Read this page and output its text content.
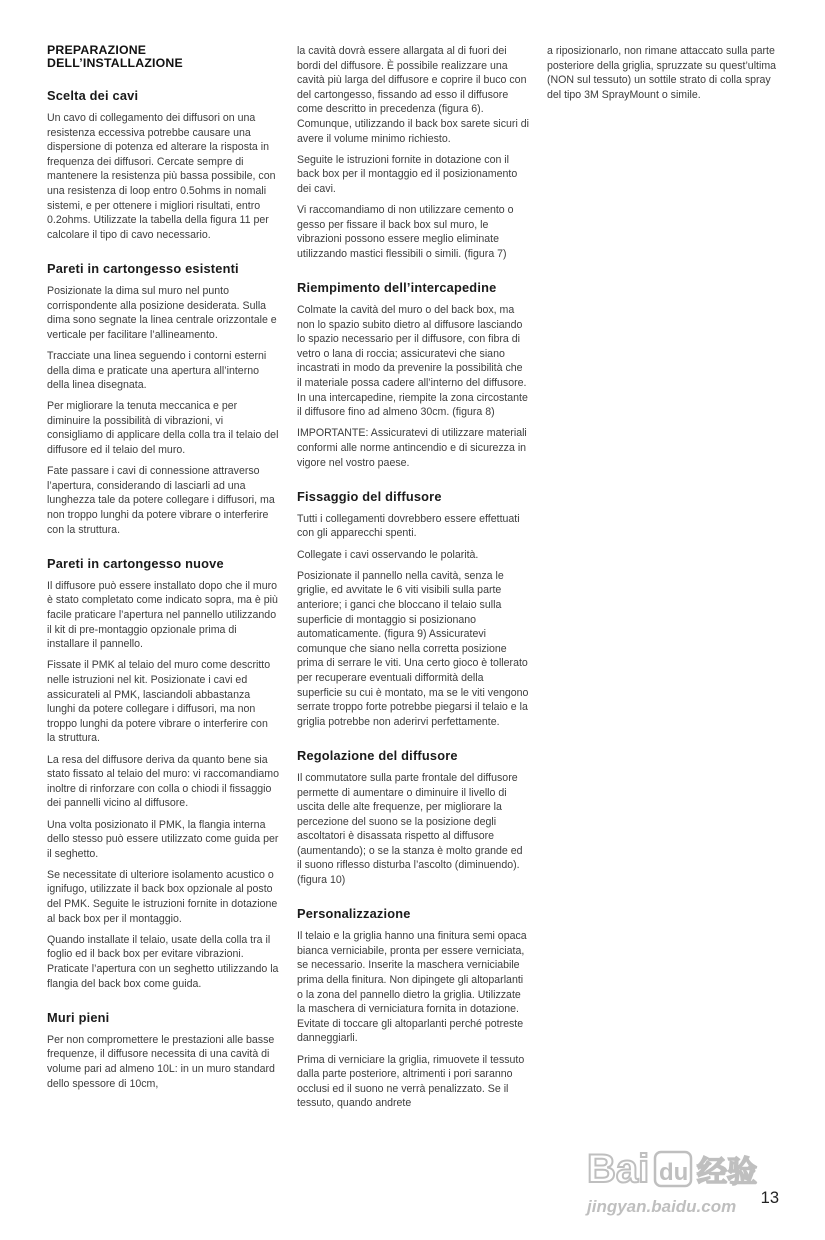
PREPARAZIONE
DELL’INSTALLAZIONE
Scelta dei cavi

Un cavo di collegamento dei diffusori on una resistenza eccessiva potrebbe causare una dispersione di potenza ed alterare la risposta in frequenza dei diffusori. Cercate sempre di mantenere la resistenza più bassa possibile, con una resistenza di loop entro 0.5ohms in nomali sistemi, e per ottenere i migliori risultati, entro 0.2ohms. Utilizzate la tabella della figura 11 per calcolare il tipo di cavo necessario.

Pareti in cartongesso esistenti

Posizionate la dima sul muro nel punto corrispondente alla posizione desiderata. Sulla dima sono segnate la linea centrale orizzontale e verticale per facilitare l’allineamento.

Tracciate una linea seguendo i contorni esterni della dima e praticate una apertura all’interno della linea disegnata.

Per migliorare la tenuta meccanica e per diminuire la possibilità di vibrazioni, vi consigliamo di applicare della colla tra il telaio del diffusore ed il telaio del muro.

Fate passare i cavi di connessione attraverso l’apertura, considerando di lasciarli ad una lunghezza tale da potere collegare i diffusori, ma non troppo lunghi da potere vibrare o interferire con la struttura.

Pareti in cartongesso nuove

Il diffusore può essere installato dopo che il muro è stato completato come indicato sopra, ma è più facile praticare l’apertura nel pannello utilizzando il kit di pre-montaggio opzionale prima di installare il pannello.

Fissate il PMK al telaio del muro come descritto nelle istruzioni nel kit. Posizionate i cavi ed assicurateli al PMK, lasciandoli abbastanza lunghi da potere collegare i diffusori, ma non troppo lunghi da potere vibrare o interferire con la struttura.

La resa del diffusore deriva da quanto bene sia stato fissato al telaio del muro: vi raccomandiamo inoltre di rinforzare con colla o chiodi il fissaggio dei pannelli vicino al diffusore.

Una volta posizionato il PMK, la flangia interna dello stesso può essere utilizzato come guida per il seghetto.

Se necessitate di ulteriore isolamento acustico o ignifugo, utilizzate il back box opzionale al posto del PMK. Seguite le istruzioni fornite in dotazione al back box per il montaggio.

Quando installate il telaio, usate della colla tra il foglio ed il back box per evitare vibrazioni. Praticate l’apertura con un seghetto utilizzando la flangia del back box come guida.

Muri pieni

Per non compromettere le prestazioni alle basse frequenze, il diffusore necessita di una cavità di volume pari ad almeno 10L: in un muro standard dello spessore di 10cm,

la cavità dovrà essere allargata al di fuori dei bordi del diffusore. È possibile realizzare una cavità più larga del diffusore e coprire il buco con del cartongesso, fissando ad esso il diffusore come descritto in precedenza (figura 6). Comunque, utilizzando il back box sarete sicuri di avere il volume minimo richiesto.

Seguite le istruzioni fornite in dotazione con il back box per il montaggio ed il posizionamento dei cavi.

Vi raccomandiamo di non utilizzare cemento o gesso per fissare il back box sul muro, le vibrazioni possono essere meglio eliminate utilizzando mastici flessibili o simili. (figura 7)

Riempimento dell’intercapedine

Colmate la cavità del muro o del back box, ma non lo spazio subito dietro al diffusore lasciando lo spazio necessario per il diffusore, con fibra di vetro o lana di roccia; assicuratevi che siano incastrati in modo da prevenire la possibilità che il materiale possa cadere all’interno del diffusore. In una intercapedine, riempite la zona circostante il diffusore fino ad almeno 30cm. (figura 8)

IMPORTANTE: Assicuratevi di utilizzare materiali conformi alle norme antincendio e di sicurezza in vigore nel vostro paese.

Fissaggio del diffusore

Tutti i collegamenti dovrebbero essere effettuati con gli apparecchi spenti.

Collegate i cavi osservando le polarità.

Posizionate il pannello nella cavità, senza le griglie, ed avvitate le 6 viti visibili sulla parte anteriore; i ganci che bloccano il telaio sulla superficie di montaggio si posizionano automaticamente. (figura 9) Assicuratevi comunque che siano nella corretta posizione prima di serrare le viti. Una certo gioco è tollerato per recuperare eventuali difformità della superficie su cui è montato, ma se le viti vengono serrate troppo forte potrebbe piegarsi il telaio e la griglia potrebbe non aderirvi perfettamente.

Regolazione del diffusore

Il commutatore sulla parte frontale del diffusore permette di aumentare o diminuire il livello di uscita delle alte frequenze, per migliorare la percezione del suono se la posizione degli ascoltatori è disassata rispetto al diffusore (aumentando); o se la stanza è molto grande ed il suono riflesso disturba l’ascolto (diminuendo). (figura 10)

Personalizzazione

Il telaio e la griglia hanno una finitura semi opaca bianca verniciabile, pronta per essere verniciata, se necessario. Inserite la maschera verniciabile prima della finitura. Non dipingete gli altoparlanti o la zona del pannello dietro la griglia. Utilizzate la maschera di verniciatura fornita in dotazione. Evitate di toccare gli altoparlanti perché potreste danneggiarli.

Prima di verniciare la griglia, rimuovete il tessuto dalla parte posteriore, altrimenti i pori saranno occlusi ed il suono ne verrà penalizzato. Se il tessuto, quando andrete

a riposizionarlo, non rimane attaccato sulla parte posteriore della griglia, spruzzate su quest’ultima (NON sul tessuto) un sottile strato di colla spray del tipo 3M SprayMount o simile.

Bai du 经验
jingyan.baidu.com 13
